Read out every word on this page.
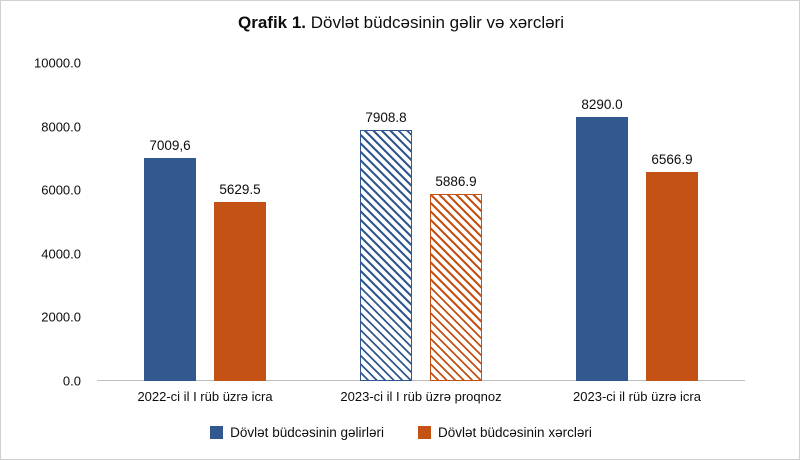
Qrafik 1. Dövlət büdcəsinin gəlir və xərcləri
0.0
2000.0
4000.0
6000.0
8000.0
10000.0
7009,6
5629.5
7908.8
5886.9
8290.0
6566.9
2022-ci il I rüb üzrə icra	2023-ci il I rüb üzrə proqnoz	2023-ci il rüb üzrə icra
Dövlət büdcəsinin gəlirləri	Dövlət büdcəsinin xərcləri
